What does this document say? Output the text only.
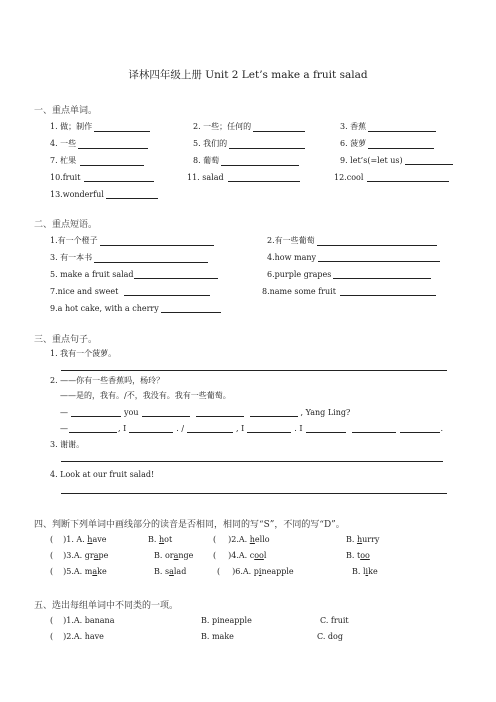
译林四年级上册 Unit 2 Let’s make a fruit salad
一、重点单词。
1. 做；制作	2. 一些；任何的	3. 香蕉
4. 一些	5. 我们的	6. 菠萝
7. 杧果	8. 葡萄	9. let’s(=let us)
10.fruit	11. salad	12.cool
13.wonderful
二、重点短语。
1.有一个橙子	2.有一些葡萄
3. 有一本书	4.how many
5. make a fruit salad	6.purple grapes
7.nice and sweet	8.name some fruit
9.a hot cake, with a cherry
三、重点句子。
1. 我有一个菠萝。
2. ——你有一些香蕉吗，杨玲？
——是的，我有。/不，我没有。我有一些葡萄。
—	you	, Yang Ling?
—	, I	. /	, I	. I	.
3. 谢谢。
4. Look at our fruit salad!
四、判断下列单词中画线部分的读音是否相同，相同的写“S”，不同的写“D”。
( )1. A. have	B. hot	( )2.A. hello	B. hurry
( )3.A. grape	B. orange ( )4.A. cool	B. too
( )5.A. make	B. salad	( )6.A. pineapple	B. like
五、选出每组单词中不同类的一项。
( )1.A. banana	B. pineapple	C. fruit
( )2.A. have	B. make	C. dog
